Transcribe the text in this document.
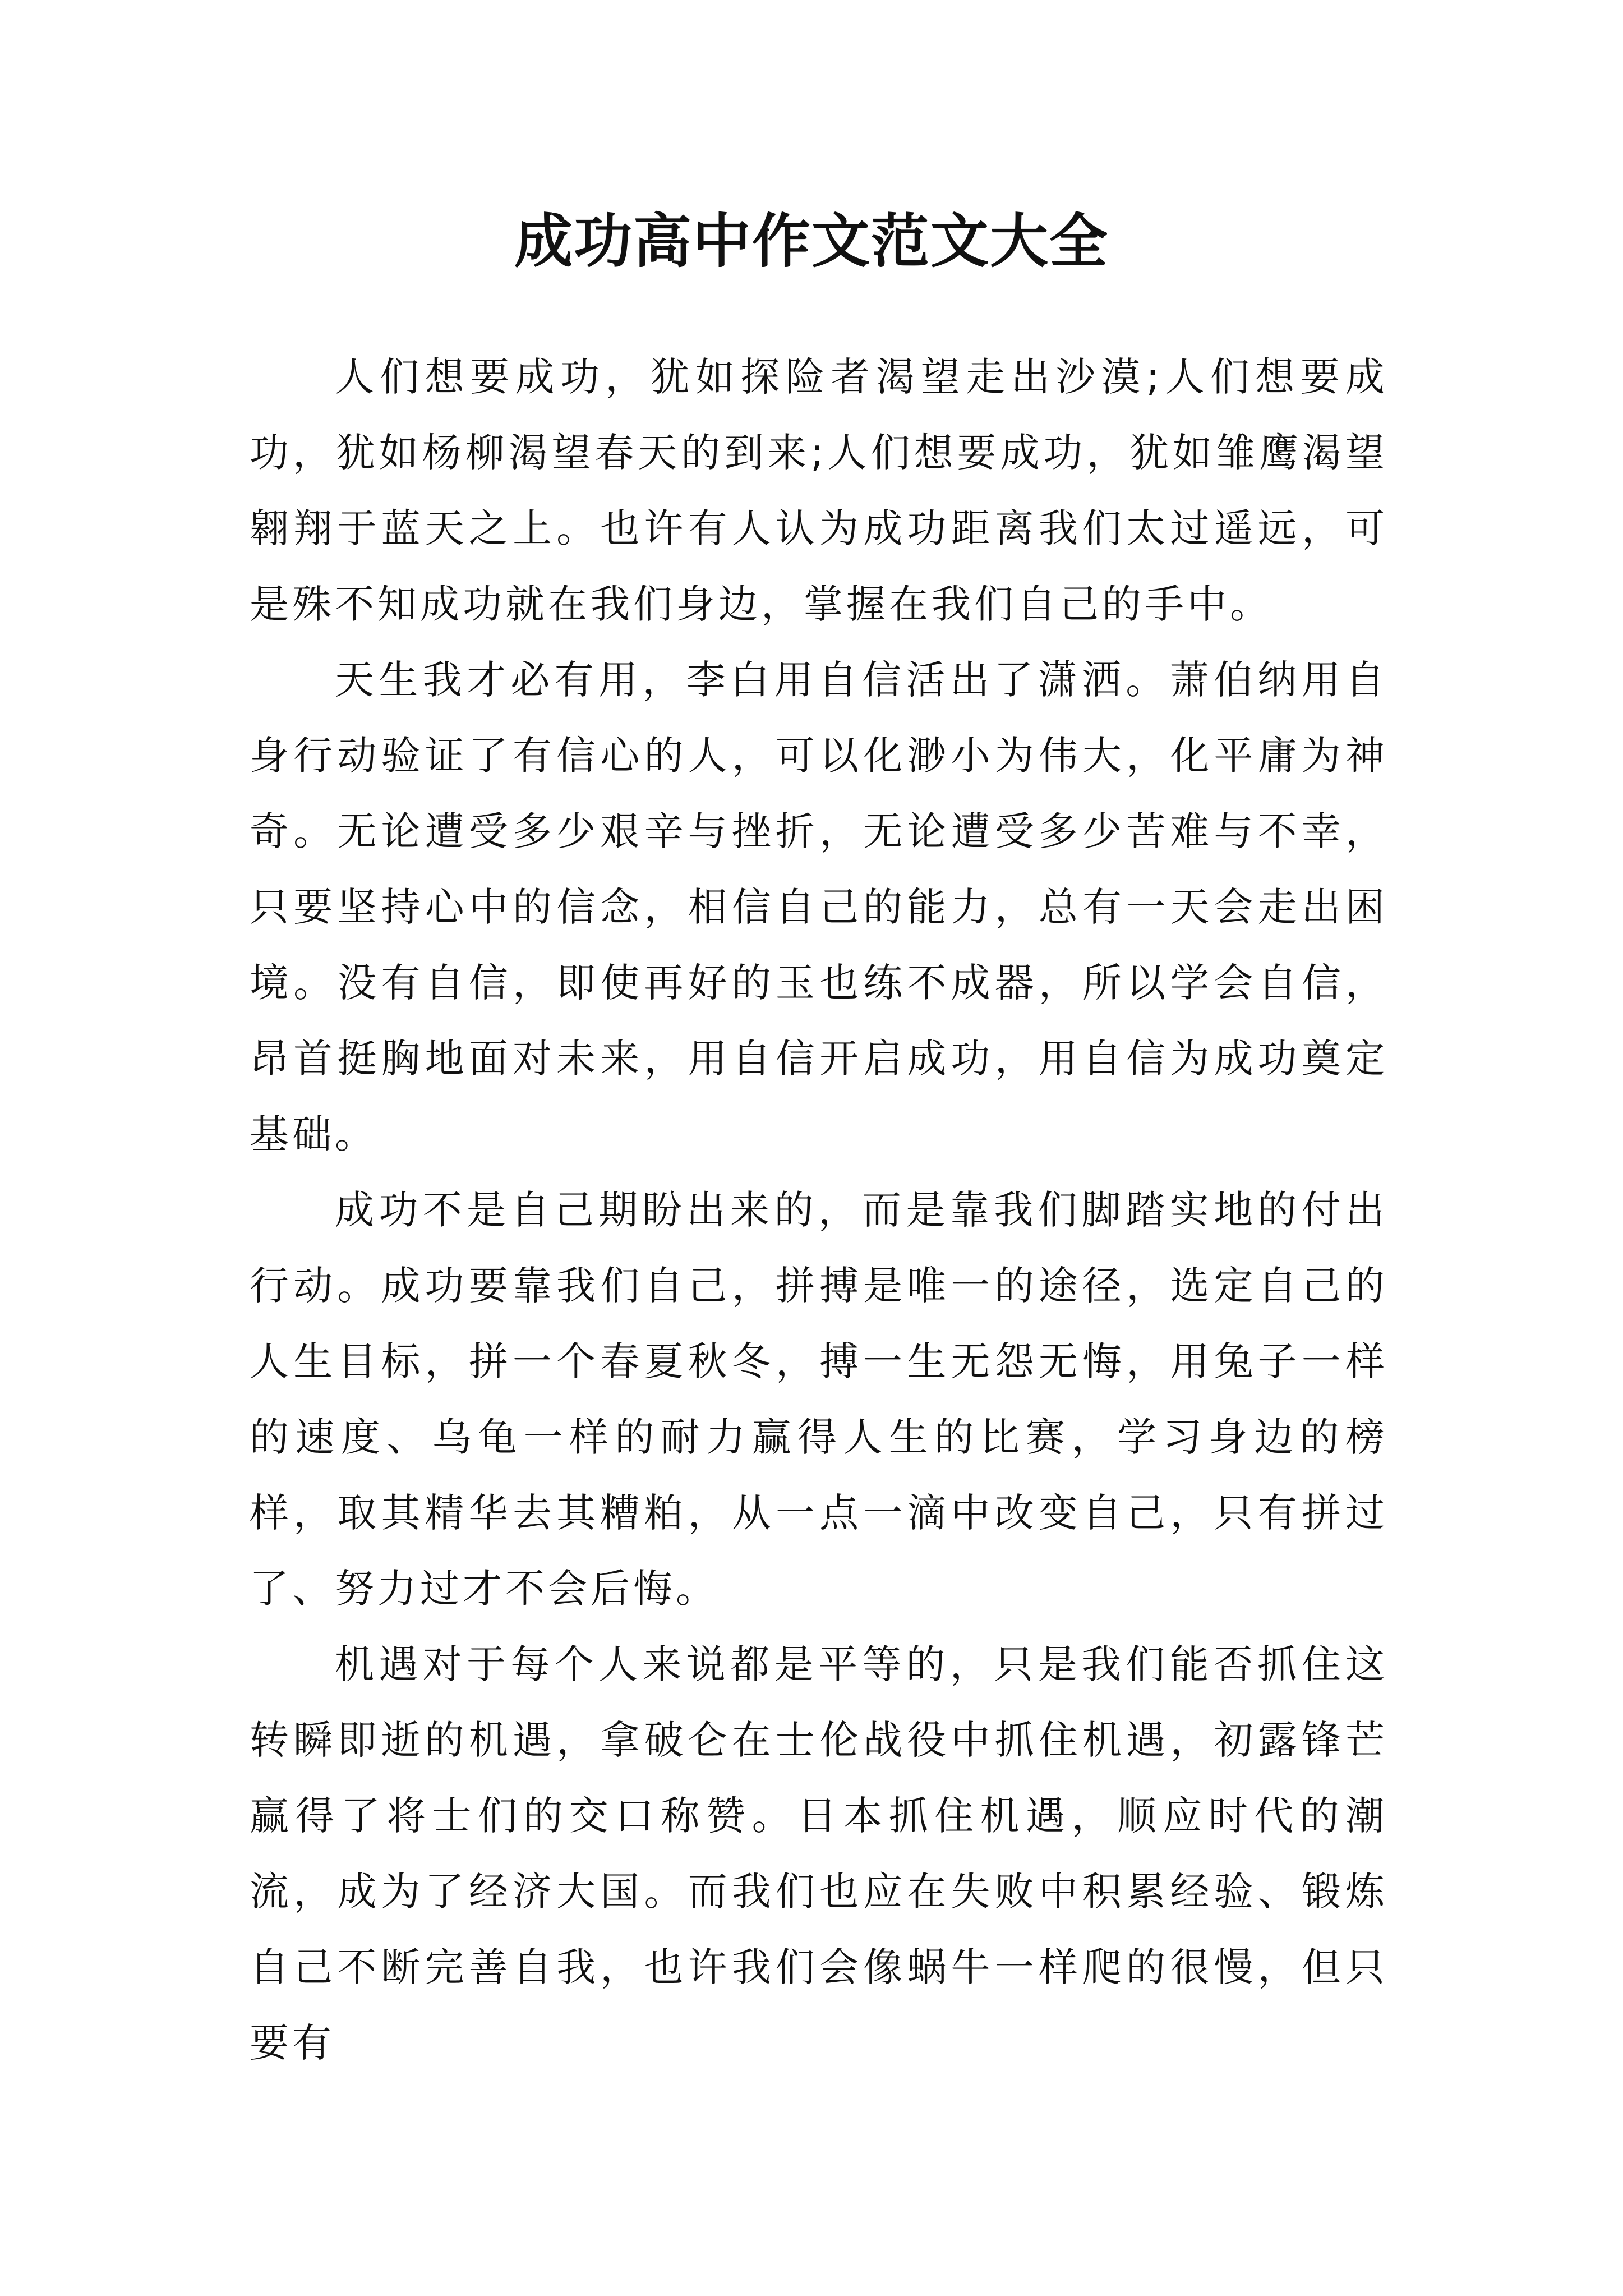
成功高中作文范文大全

人们想要成功，犹如探险者渴望走出沙漠;人们想要成功，犹如杨柳渴望春天的到来;人们想要成功，犹如雏鹰渴望翱翔于蓝天之上。也许有人认为成功距离我们太过遥远，可是殊不知成功就在我们身边，掌握在我们自己的手中。

天生我才必有用，李白用自信活出了潇洒。萧伯纳用自身行动验证了有信心的人，可以化渺小为伟大，化平庸为神奇。无论遭受多少艰辛与挫折，无论遭受多少苦难与不幸，只要坚持心中的信念，相信自己的能力，总有一天会走出困境。没有自信，即使再好的玉也练不成器，所以学会自信，昂首挺胸地面对未来，用自信开启成功，用自信为成功奠定基础。

成功不是自己期盼出来的，而是靠我们脚踏实地的付出行动。成功要靠我们自己，拼搏是唯一的途径，选定自己的人生目标，拼一个春夏秋冬，搏一生无怨无悔，用兔子一样的速度、乌龟一样的耐力赢得人生的比赛，学习身边的榜样，取其精华去其糟粕，从一点一滴中改变自己，只有拼过了、努力过才不会后悔。

机遇对于每个人来说都是平等的，只是我们能否抓住这转瞬即逝的机遇，拿破仑在士伦战役中抓住机遇，初露锋芒赢得了将士们的交口称赞。日本抓住机遇，顺应时代的潮流，成为了经济大国。而我们也应在失败中积累经验、锻炼自己不断完善自我，也许我们会像蜗牛一样爬的很慢，但只要有
